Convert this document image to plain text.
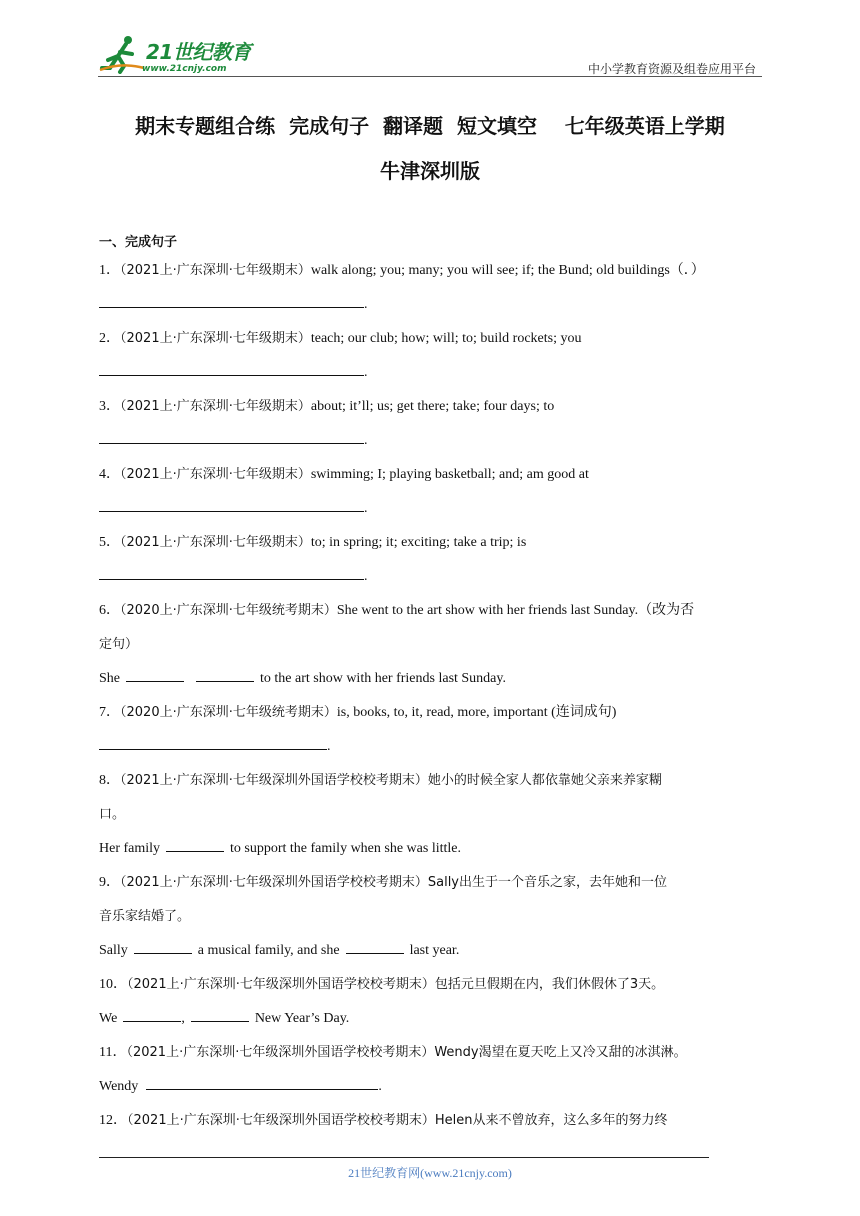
21世纪教育
www.21cnjy.com	中小学教育资源及组卷应用平台
期末专题组合练  完成句子  翻译题  短文填空    七年级英语上学期
牛津深圳版
一、完成句子
1．（2021上·广东深圳·七年级期末）walk along; you; many; you will see; if; the Bund; old buildings（．）
.
2．（2021上·广东深圳·七年级期末）teach; our club; how; will; to; build rockets; you
.
3．（2021上·广东深圳·七年级期末）about; it’ll; us; get there; take; four days; to
.
4．（2021上·广东深圳·七年级期末）swimming; I; playing basketball; and; am good at
.
5．（2021上·广东深圳·七年级期末）to; in spring; it; exciting; take a trip; is
.
6．（2020上·广东深圳·七年级统考期末）She went to the art show with her friends last Sunday.（改为否
定句）
She	to the art show with her friends last Sunday.
7．（2020上·广东深圳·七年级统考期末）is, books, to, it, read, more, important (连词成句)
.
8．（2021上·广东深圳·七年级深圳外国语学校校考期末）她小的时候全家人都依靠她父亲来养家糊
口。
Her family	to support the family when she was little.
9．（2021上·广东深圳·七年级深圳外国语学校校考期末）Sally出生于一个音乐之家，去年她和一位
音乐家结婚了。
Sally	a musical family, and she	last year.
10．（2021上·广东深圳·七年级深圳外国语学校校考期末）包括元旦假期在内，我们休假休了3天。
We	,	New Year’s Day.
11．（2021上·广东深圳·七年级深圳外国语学校校考期末）Wendy渴望在夏天吃上又冷又甜的冰淇淋。
Wendy	.
12．（2021上·广东深圳·七年级深圳外国语学校校考期末）Helen从来不曾放弃，这么多年的努力终
21世纪教育网(www.21cnjy.com)
